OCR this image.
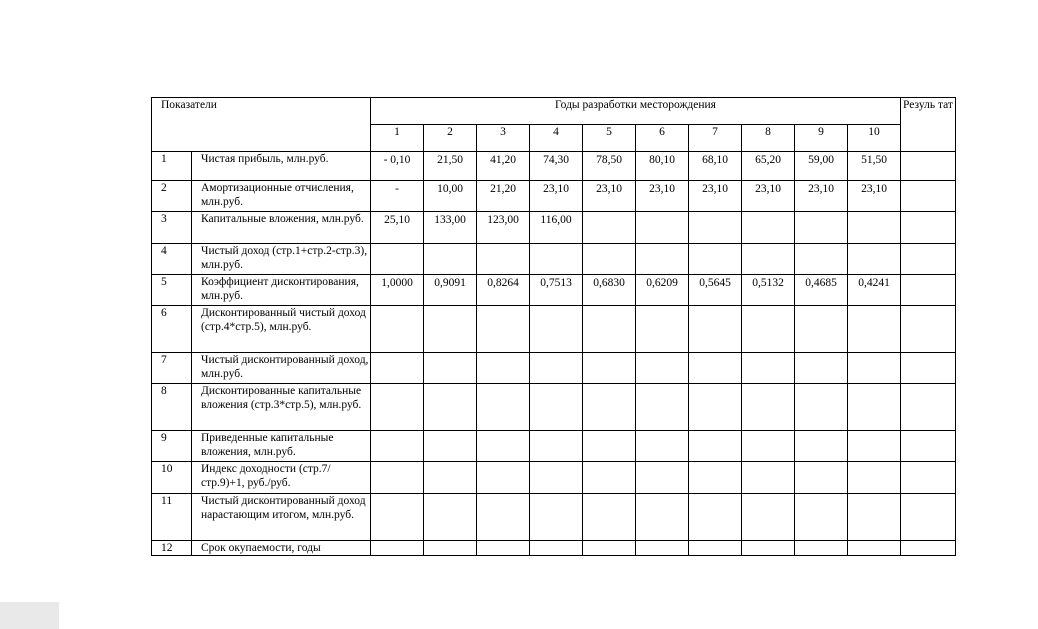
Показатели		Годы разработки месторождения										Резуль тат
		1	2	3	4	5	6	7	8	9	10	
1	Чистая прибыль, млн.руб.	- 0,10	21,50	41,20	74,30	78,50	80,10	68,10	65,20	59,00	51,50	
2	Амортизационные отчисления, млн.руб.	-	10,00	21,20	23,10	23,10	23,10	23,10	23,10	23,10	23,10	
3	Капитальные вложения, млн.руб.	25,10	133,00	123,00	116,00							
4	Чистый доход (стр.1+стр.2-стр.3), млн.руб.											
5	Коэффициент дисконтирования, млн.руб.	1,0000	0,9091	0,8264	0,7513	0,6830	0,6209	0,5645	0,5132	0,4685	0,4241	
6	Дисконтированный чистый доход (стр.4*стр.5), млн.руб.											
7	Чистый дисконтированный доход, млн.руб.											
8	Дисконтированные капитальные вложения (стр.3*стр.5), млн.руб.											
9	Приведенные капитальные вложения, млн.руб.											
10	Индекс доходности (стр.7/стр.9)+1, руб./руб.											
11	Чистый дисконтированный доход нарастающим итогом, млн.руб.											
12	Срок окупаемости, годы											
